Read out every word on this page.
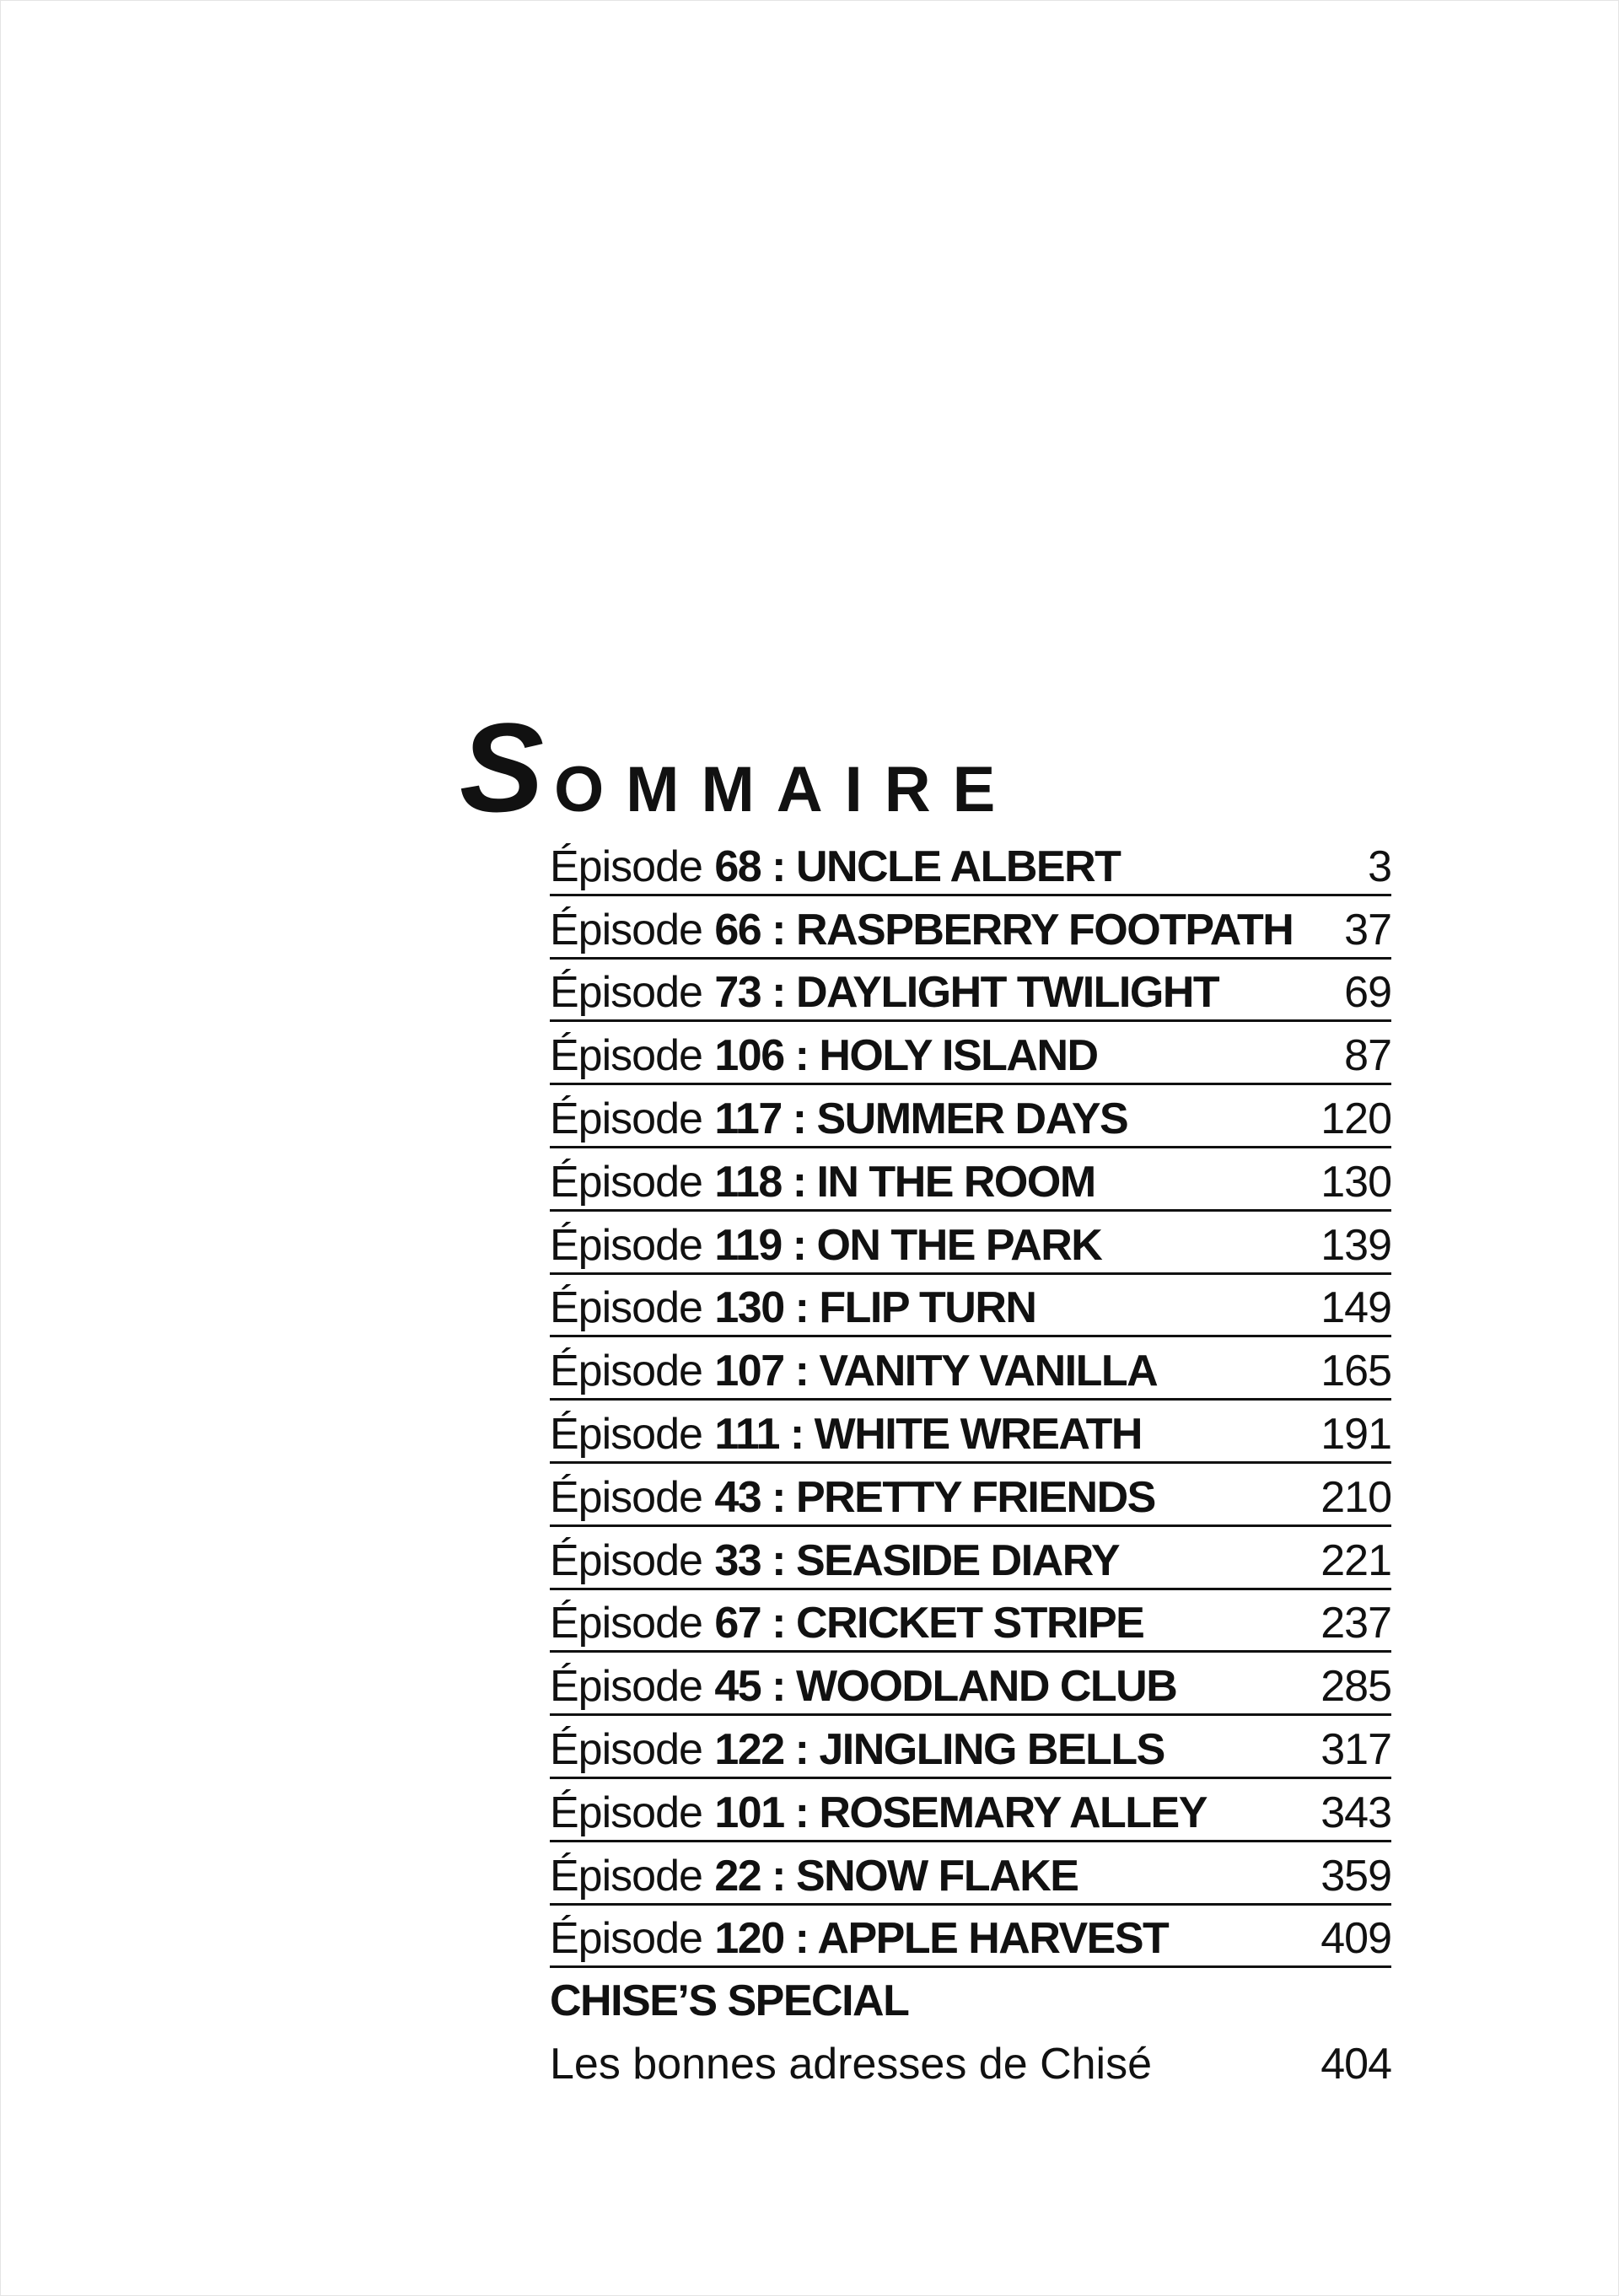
SOMMAIRE
Épisode 68 : UNCLE ALBERT	3
Épisode 66 : RASPBERRY FOOTPATH 37
Épisode 73 : DAYLIGHT TWILIGHT	69
Épisode 106 : HOLY ISLAND	87
Épisode 117 : SUMMER DAYS	120
Épisode 118 : IN THE ROOM	130
Épisode 119 : ON THE PARK	139
Épisode 130 : FLIP TURN	149
Épisode 107 : VANITY VANILLA	165
Épisode 111 : WHITE WREATH	191
Épisode 43 : PRETTY FRIENDS	210
Épisode 33 : SEASIDE DIARY	221
Épisode 67 : CRICKET STRIPE	237
Épisode 45 : WOODLAND CLUB	285
Épisode 122 : JINGLING BELLS	317
Épisode 101 : ROSEMARY ALLEY	343
Épisode 22 : SNOW FLAKE	359
Épisode 120 : APPLE HARVEST	409
CHISE’S SPECIAL
Les bonnes adresses de Chisé	404
